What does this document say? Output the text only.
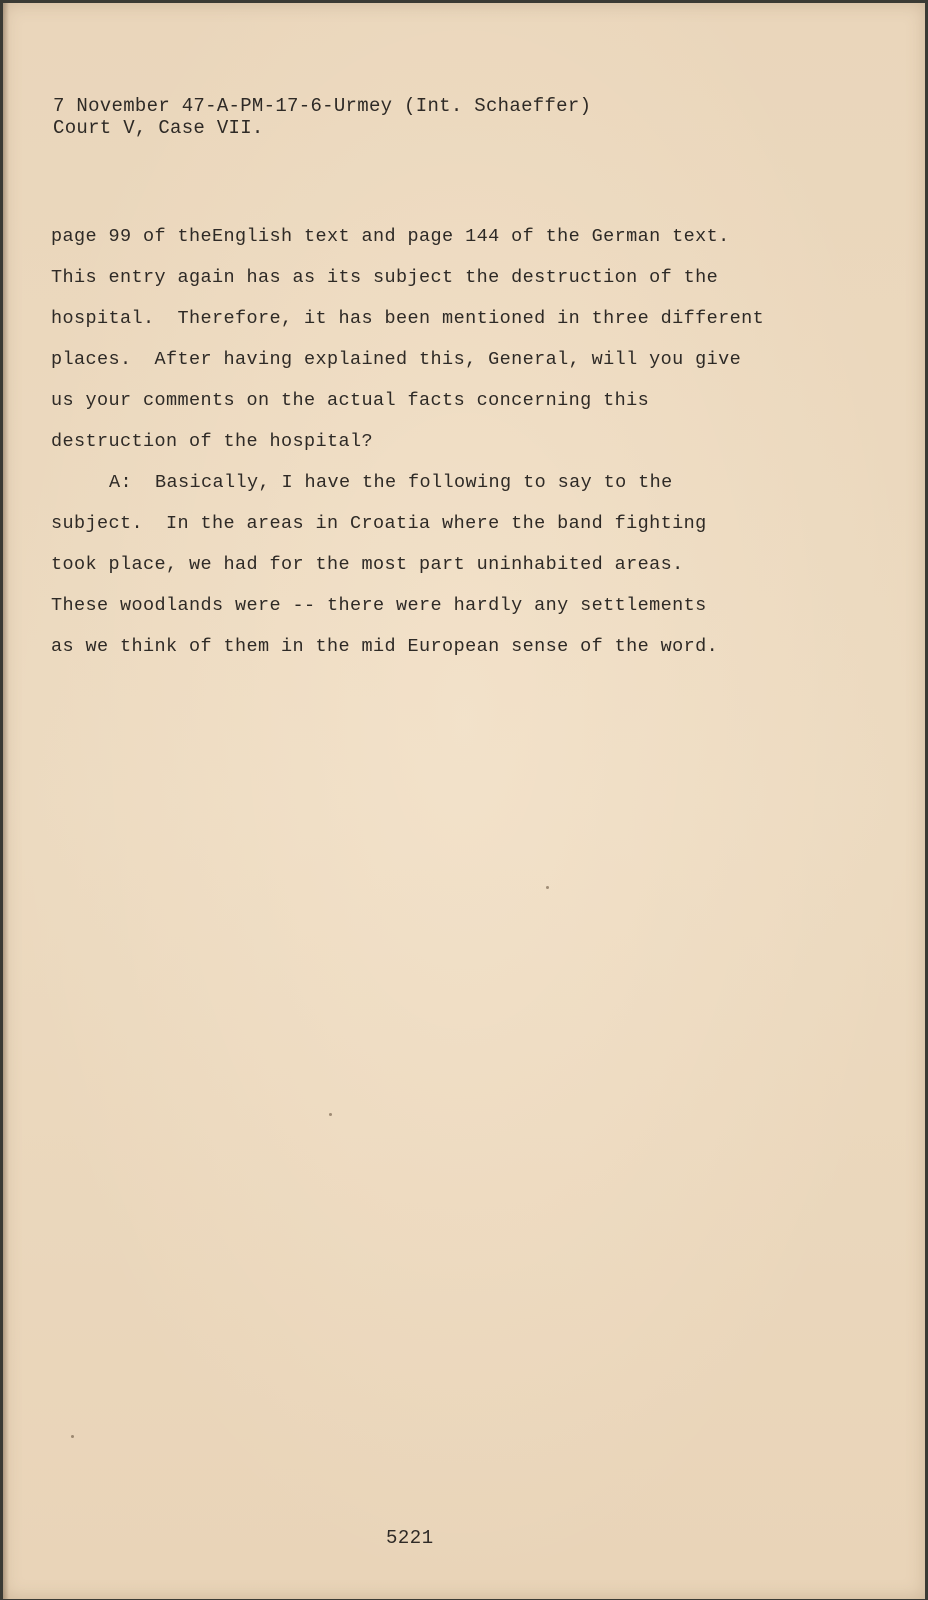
7 November 47-A-PM-17-6-Urmey (Int. Schaeffer)
Court V, Case VII.
page 99 of theEnglish text and page 144 of the German text.
This entry again has as its subject the destruction of the
hospital.  Therefore, it has been mentioned in three different
places.  After having explained this, General, will you give
us your comments on the actual facts concerning this
destruction of the hospital?
A:  Basically, I have the following to say to the
subject.  In the areas in Croatia where the band fighting
took place, we had for the most part uninhabited areas.
These woodlands were -- there were hardly any settlements
as we think of them in the mid European sense of the word.
5221
